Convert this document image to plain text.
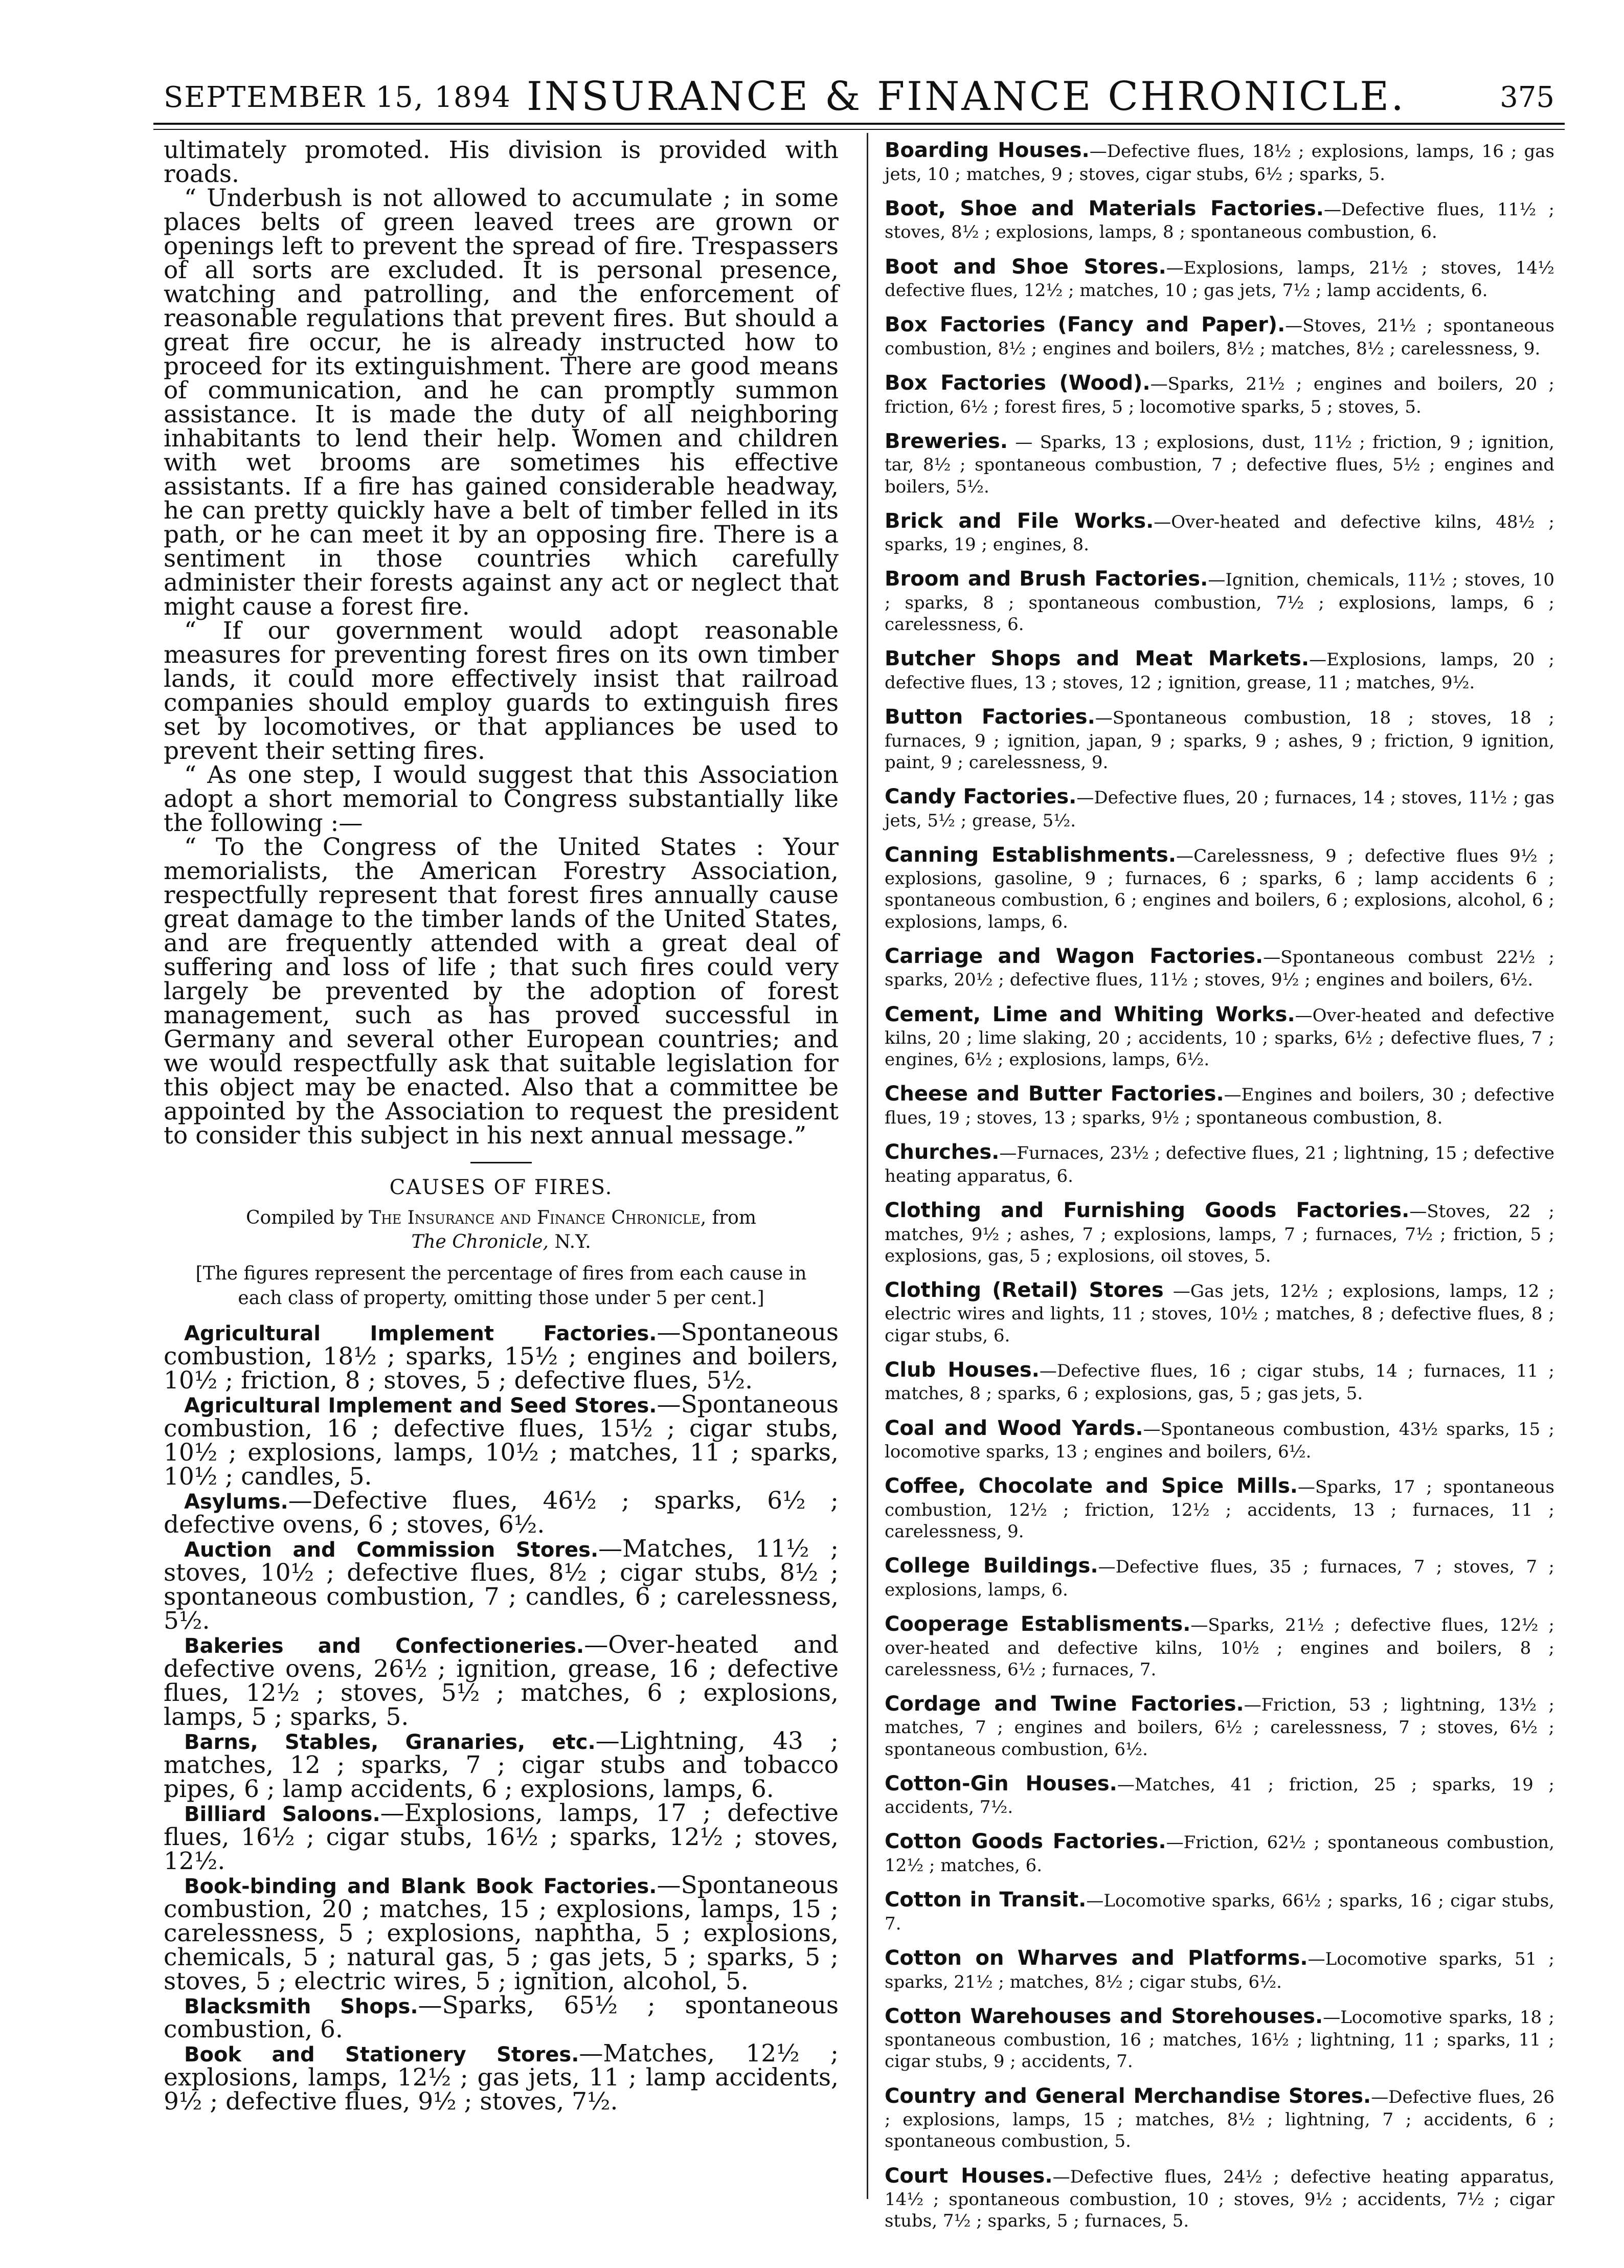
SEPTEMBER 15, 1894 INSURANCE & FINANCE CHRONICLE.	375

ultimately promoted. His division is provided with roads.

“ Underbush is not allowed to accumulate ; in some places belts of green leaved trees are grown or openings left to prevent the spread of fire. Trespassers of all sorts are excluded. It is personal presence, watching and patrolling, and the enforcement of reasonable regulations that prevent fires. But should a great fire occur, he is already instructed how to proceed for its extinguishment. There are good means of communication, and he can promptly summon assistance. It is made the duty of all neighboring inhabitants to lend their help. Women and children with wet brooms are sometimes his effective assistants. If a fire has gained considerable headway, he can pretty quickly have a belt of timber felled in its path, or he can meet it by an opposing fire. There is a sentiment in those countries which carefully administer their forests against any act or neglect that might cause a forest fire.

“ If our government would adopt reasonable measures for preventing forest fires on its own timber lands, it could more effectively insist that railroad companies should employ guards to extinguish fires set by locomotives, or that appliances be used to prevent their setting fires.

“ As one step, I would suggest that this Association adopt a short memorial to Congress substantially like the following :—

“ To the Congress of the United States : Your memorialists, the American Forestry Association, respectfully represent that forest fires annually cause great damage to the timber lands of the United States, and are frequently attended with a great deal of suffering and loss of life ; that such fires could very largely be prevented by the adoption of forest management, such as has proved successful in Germany and several other European countries; and we would respectfully ask that suitable legislation for this object may be enacted. Also that a committee be appointed by the Association to request the president to consider this subject in his next annual message.”

CAUSES OF FIRES.
Compiled by The Insurance and Finance Chronicle, from
The Chronicle, N.Y.
[The figures represent the percentage of fires from each cause in each class of property, omitting those under 5 per cent.]

Agricultural Implement Factories.—Spontaneous combustion, 18½ ; sparks, 15½ ; engines and boilers, 10½ ; friction, 8 ; stoves, 5 ; defective flues, 5½.

Agricultural Implement and Seed Stores.—Spontaneous combustion, 16 ; defective flues, 15½ ; cigar stubs, 10½ ; explosions, lamps, 10½ ; matches, 11 ; sparks, 10½ ; candles, 5.

Asylums.—Defective flues, 46½ ; sparks, 6½ ; defective ovens, 6 ; stoves, 6½.

Auction and Commission Stores.—Matches, 11½ ; stoves, 10½ ; defective flues, 8½ ; cigar stubs, 8½ ; spontaneous combustion, 7 ; candles, 6 ; carelessness, 5½.

Bakeries and Confectioneries.—Over-heated and defective ovens, 26½ ; ignition, grease, 16 ; defective flues, 12½ ; stoves, 5½ ; matches, 6 ; explosions, lamps, 5 ; sparks, 5.

Barns, Stables, Granaries, etc.—Lightning, 43 ; matches, 12 ; sparks, 7 ; cigar stubs and tobacco pipes, 6 ; lamp accidents, 6 ; explosions, lamps, 6.

Billiard Saloons.—Explosions, lamps, 17 ; defective flues, 16½ ; cigar stubs, 16½ ; sparks, 12½ ; stoves, 12½.

Book-binding and Blank Book Factories.—Spontaneous combustion, 20 ; matches, 15 ; explosions, lamps, 15 ; carelessness, 5 ; explosions, naphtha, 5 ; explosions, chemicals, 5 ; natural gas, 5 ; gas jets, 5 ; sparks, 5 ; stoves, 5 ; electric wires, 5 ; ignition, alcohol, 5.

Blacksmith Shops.—Sparks, 65½ ; spontaneous combustion, 6.

Book and Stationery Stores.—Matches, 12½ ; explosions, lamps, 12½ ; gas jets, 11 ; lamp accidents, 9½ ; defective flues, 9½ ; stoves, 7½.

Boarding Houses.—Defective flues, 18½ ; explosions, lamps, 16 ; gas jets, 10 ; matches, 9 ; stoves, cigar stubs, 6½ ; sparks, 5.

Boot, Shoe and Materials Factories.—Defective flues, 11½ ; stoves, 8½ ; explosions, lamps, 8 ; spontaneous combustion, 6.

Boot and Shoe Stores.—Explosions, lamps, 21½ ; stoves, 14½ defective flues, 12½ ; matches, 10 ; gas jets, 7½ ; lamp accidents, 6.

Box Factories (Fancy and Paper).—Stoves, 21½ ; spontaneous combustion, 8½ ; engines and boilers, 8½ ; matches, 8½ ; carelessness, 9.

Box Factories (Wood).—Sparks, 21½ ; engines and boilers, 20 ; friction, 6½ ; forest fires, 5 ; locomotive sparks, 5 ; stoves, 5.

Breweries. — Sparks, 13 ; explosions, dust, 11½ ; friction, 9 ; ignition, tar, 8½ ; spontaneous combustion, 7 ; defective flues, 5½ ; engines and boilers, 5½.

Brick and File Works.—Over-heated and defective kilns, 48½ ; sparks, 19 ; engines, 8.

Broom and Brush Factories.—Ignition, chemicals, 11½ ; stoves, 10 ; sparks, 8 ; spontaneous combustion, 7½ ; explosions, lamps, 6 ; carelessness, 6.

Butcher Shops and Meat Markets.—Explosions, lamps, 20 ; defective flues, 13 ; stoves, 12 ; ignition, grease, 11 ; matches, 9½.

Button Factories.—Spontaneous combustion, 18 ; stoves, 18 ; furnaces, 9 ; ignition, japan, 9 ; sparks, 9 ; ashes, 9 ; friction, 9 ignition, paint, 9 ; carelessness, 9.

Candy Factories.—Defective flues, 20 ; furnaces, 14 ; stoves, 11½ ; gas jets, 5½ ; grease, 5½.

Canning Establishments.—Carelessness, 9 ; defective flues 9½ ; explosions, gasoline, 9 ; furnaces, 6 ; sparks, 6 ; lamp accidents 6 ; spontaneous combustion, 6 ; engines and boilers, 6 ; explosions, alcohol, 6 ; explosions, lamps, 6.

Carriage and Wagon Factories.—Spontaneous combust 22½ ; sparks, 20½ ; defective flues, 11½ ; stoves, 9½ ; engines and boilers, 6½.

Cement, Lime and Whiting Works.—Over-heated and defective kilns, 20 ; lime slaking, 20 ; accidents, 10 ; sparks, 6½ ; defective flues, 7 ; engines, 6½ ; explosions, lamps, 6½.

Cheese and Butter Factories.—Engines and boilers, 30 ; defective flues, 19 ; stoves, 13 ; sparks, 9½ ; spontaneous combustion, 8.

Churches.—Furnaces, 23½ ; defective flues, 21 ; lightning, 15 ; defective heating apparatus, 6.

Clothing and Furnishing Goods Factories.—Stoves, 22 ; matches, 9½ ; ashes, 7 ; explosions, lamps, 7 ; furnaces, 7½ ; friction, 5 ; explosions, gas, 5 ; explosions, oil stoves, 5.

Clothing (Retail) Stores —Gas jets, 12½ ; explosions, lamps, 12 ; electric wires and lights, 11 ; stoves, 10½ ; matches, 8 ; defective flues, 8 ; cigar stubs, 6.

Club Houses.—Defective flues, 16 ; cigar stubs, 14 ; furnaces, 11 ; matches, 8 ; sparks, 6 ; explosions, gas, 5 ; gas jets, 5.

Coal and Wood Yards.—Spontaneous combustion, 43½ sparks, 15 ; locomotive sparks, 13 ; engines and boilers, 6½.

Coffee, Chocolate and Spice Mills.—Sparks, 17 ; spontaneous combustion, 12½ ; friction, 12½ ; accidents, 13 ; furnaces, 11 ; carelessness, 9.

College Buildings.—Defective flues, 35 ; furnaces, 7 ; stoves, 7 ; explosions, lamps, 6.

Cooperage Establisments.—Sparks, 21½ ; defective flues, 12½ ; over-heated and defective kilns, 10½ ; engines and boilers, 8 ; carelessness, 6½ ; furnaces, 7.

Cordage and Twine Factories.—Friction, 53 ; lightning, 13½ ; matches, 7 ; engines and boilers, 6½ ; carelessness, 7 ; stoves, 6½ ; spontaneous combustion, 6½.

Cotton-Gin Houses.—Matches, 41 ; friction, 25 ; sparks, 19 ; accidents, 7½.

Cotton Goods Factories.—Friction, 62½ ; spontaneous combustion, 12½ ; matches, 6.

Cotton in Transit.—Locomotive sparks, 66½ ; sparks, 16 ; cigar stubs, 7.

Cotton on Wharves and Platforms.—Locomotive sparks, 51 ; sparks, 21½ ; matches, 8½ ; cigar stubs, 6½.

Cotton Warehouses and Storehouses.—Locomotive sparks, 18 ; spontaneous combustion, 16 ; matches, 16½ ; lightning, 11 ; sparks, 11 ; cigar stubs, 9 ; accidents, 7.

Country and General Merchandise Stores.—Defective flues, 26 ; explosions, lamps, 15 ; matches, 8½ ; lightning, 7 ; accidents, 6 ; spontaneous combustion, 5.

Court Houses.—Defective flues, 24½ ; defective heating apparatus, 14½ ; spontaneous combustion, 10 ; stoves, 9½ ; accidents, 7½ ; cigar stubs, 7½ ; sparks, 5 ; furnaces, 5.
